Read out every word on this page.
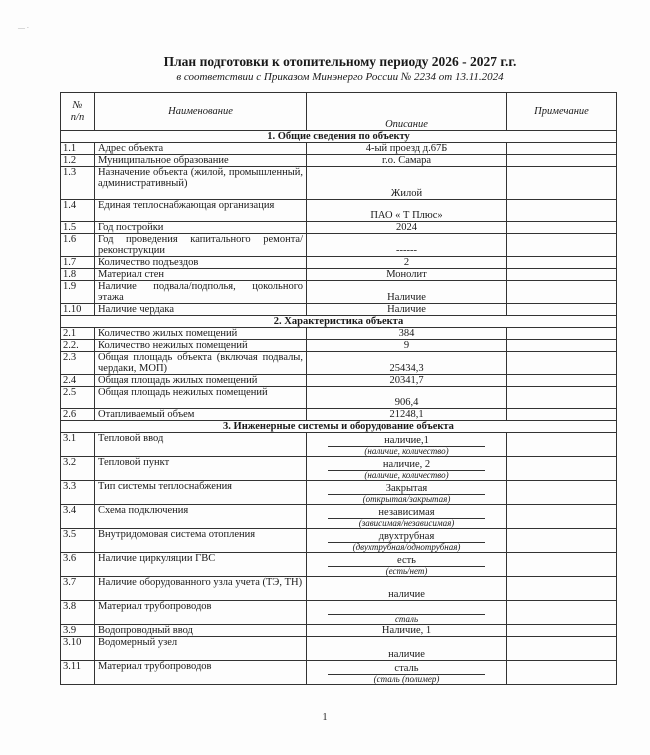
— ·
План подготовки к отопительному периоду 2026 - 2027 г.г.
в соответствии с Приказом Минэнерго России № 2234 от 13.11.2024
№
п/п	Наименование	Описание	Примечание
1. Общие сведения по объекту			
1.1	Адрес объекта	4-ый проезд д.67Б	
1.2	Муниципальное образование	г.о. Самара	
1.3	Назначение объекта (жилой, промышленный, административный)	Жилой	
1.4	Единая теплоснабжающая организация	ПАО « Т Плюс»	
1.5	Год постройки	2024	
1.6	Год проведения капитального ремонта/реконструкции	------	
1.7	Количество подъездов	2	
1.8	Материал стен	Монолит	
1.9	Наличие подвала/подполья, цокольного этажа	Наличие	
1.10	Наличие чердака	Наличие	
2. Характеристика объекта			
2.1	Количество жилых помещений	384	
2.2.	Количество нежилых помещений	9	
2.3	Общая площадь объекта (включая подвалы, чердаки, МОП)	25434,3	
2.4	Общая площадь жилых помещений	20341,7	
2.5	Общая площадь нежилых помещений	906,4	
2.6	Отапливаемый объем	21248,1	
3. Инженерные системы и оборудование объекта			
3.1	Тепловой ввод	наличие,1
(наличие, количество)	

3.2	Тепловой пункт	наличие, 2
(наличие, количество)	

3.3	Тип системы теплоснабжения	Закрытая
(открытая/закрытая)	

3.4	Схема подключения	независимая
(зависимая/независимая)	

3.5	Внутридомовая система отопления	двухтрубная
(двухтрубная/однотрубная)	

3.6	Наличие циркуляции ГВС	есть
(есть/нет)	

3.7	Наличие оборудованного узла учета (ТЭ, ТН)	наличие	

3.8	Материал трубопроводов	сталь	

3.9	Водопроводный ввод	Наличие, 1	

3.10	Водомерный узел	наличие	

3.11	Материал трубопроводов	сталь
(сталь (полимер)	

1
